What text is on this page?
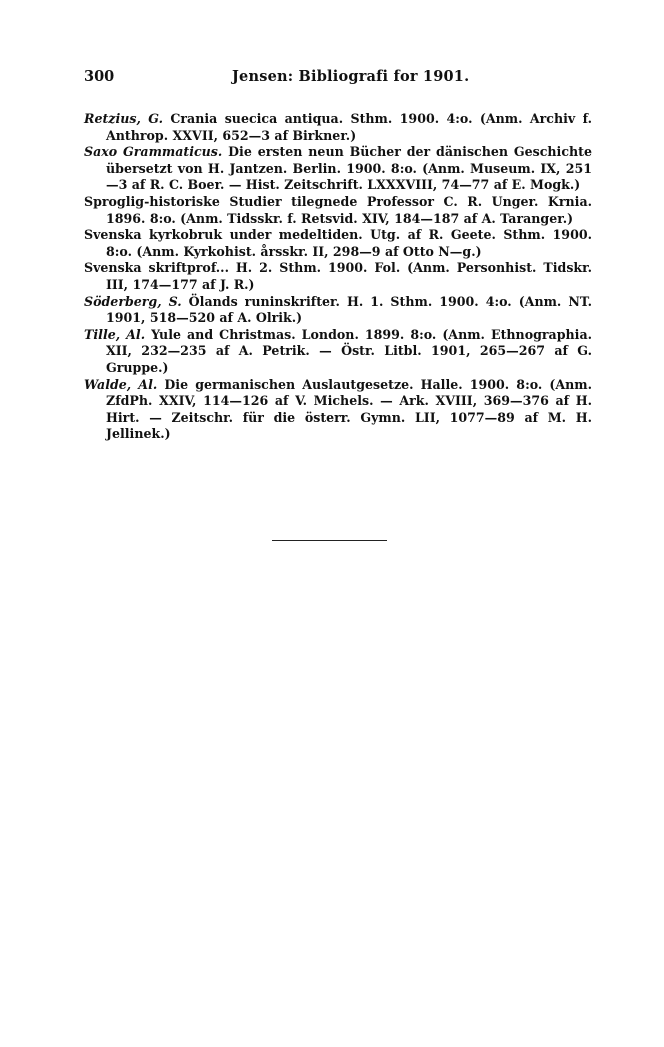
300	Jensen: Bibliografi for 1901.

Retzius, G. Crania suecica antiqua. Sthm. 1900. 4:o. (Anm. Archiv f. Anthrop. XXVII, 652—3 af Birkner.)

Saxo Grammaticus. Die ersten neun Bücher der dänischen Geschichte übersetzt von H. Jantzen. Berlin. 1900. 8:o. (Anm. Museum. IX, 251—3 af R. C. Boer. — Hist. Zeitschrift. LXXXVIII, 74—77 af E. Mogk.)

Sproglig-historiske Studier tilegnede Professor C. R. Unger. Krnia. 1896. 8:o. (Anm. Tidsskr. f. Retsvid. XIV, 184—187 af A. Taranger.)

Svenska kyrkobruk under medeltiden. Utg. af R. Geete. Sthm. 1900. 8:o. (Anm. Kyrkohist. årsskr. II, 298—9 af Otto N—g.)

Svenska skriftprof... H. 2. Sthm. 1900. Fol. (Anm. Personhist. Tidskr. III, 174—177 af J. R.)

Söderberg, S. Ölands runinskrifter. H. 1. Sthm. 1900. 4:o. (Anm. NT. 1901, 518—520 af A. Olrik.)

Tille, Al. Yule and Christmas. London. 1899. 8:o. (Anm. Ethnographia. XII, 232—235 af A. Petrik. — Östr. Litbl. 1901, 265—267 af G. Gruppe.)

Walde, Al. Die germanischen Auslautgesetze. Halle. 1900. 8:o. (Anm. ZfdPh. XXIV, 114—126 af V. Michels. — Ark. XVIII, 369—376 af H. Hirt. — Zeitschr. für die österr. Gymn. LII, 1077—89 af M. H. Jellinek.)
